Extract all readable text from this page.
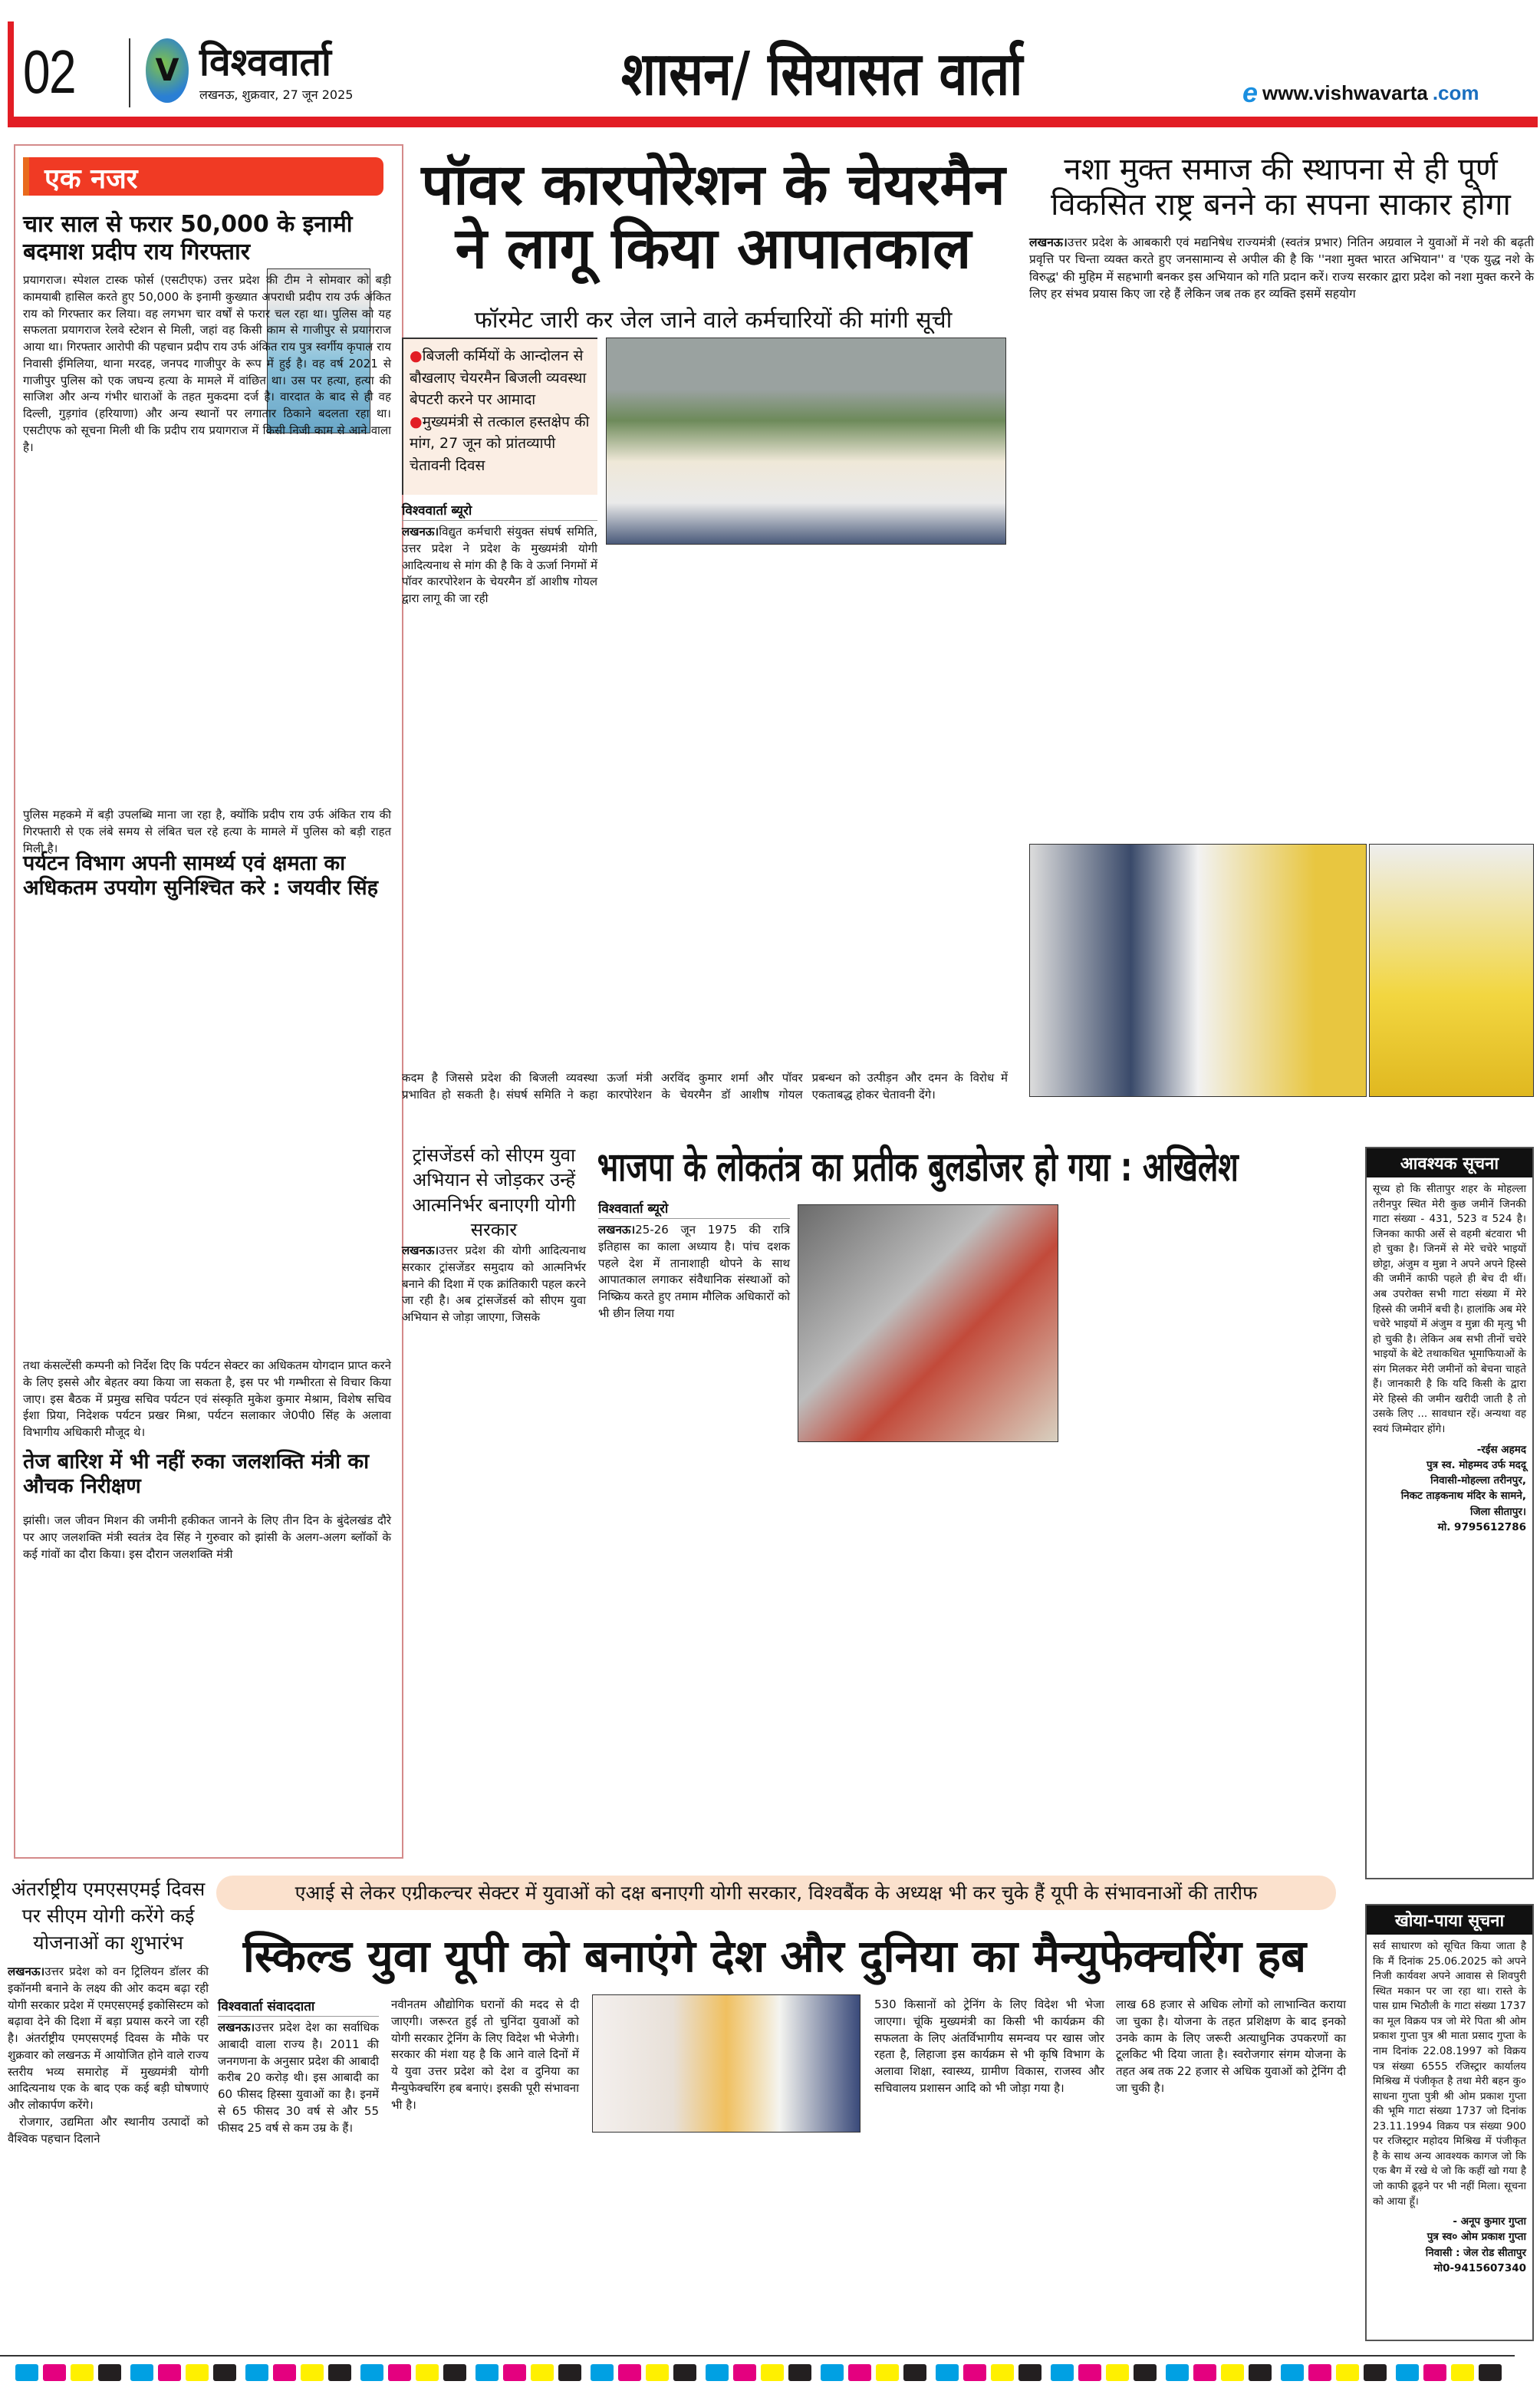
02	V विश्ववार्ता
लखनऊ, शुक्रवार, 27 जून 2025	शासन/ सियासत वार्ता	e www.vishwavarta .com
एक नजर
चार साल से फरार 50,000 के इनामी बदमाश प्रदीप राय गिरफ्तार
प्रयागराज। स्पेशल टास्क फोर्स (एसटीएफ) उत्तर प्रदेश की टीम ने सोमवार को बड़ी कामयाबी हासिल करते हुए 50,000 के इनामी कुख्यात अपराधी प्रदीप राय उर्फ अंकित राय को गिरफ्तार कर लिया। वह लगभग चार वर्षों से फरार चल रहा था। पुलिस को यह सफलता प्रयागराज रेलवे स्टेशन से मिली, जहां वह किसी काम से गाजीपुर से प्रयागराज आया था। गिरफ्तार आरोपी की पहचान प्रदीप राय उर्फ अंकित राय पुत्र स्वर्गीय कृपाल राय निवासी ईमिलिया, थाना मरदह, जनपद गाजीपुर के रूप में हुई है। वह वर्ष 2021 से गाजीपुर पुलिस को एक जघन्य हत्या के मामले में वांछित था। उस पर हत्या, हत्या की साजिश और अन्य गंभीर धाराओं के तहत मुकदमा दर्ज है। वारदात के बाद से ही वह दिल्ली, गुड़गांव (हरियाणा) और अन्य स्थानों पर लगातार ठिकाने बदलता रहा था। एसटीएफ को सूचना मिली थी कि प्रदीप राय प्रयागराज में किसी निजी काम से आने वाला है।
पुलिस महकमे में बड़ी उपलब्धि माना जा रहा है, क्योंकि प्रदीप राय उर्फ अंकित राय की गिरफ्तारी से एक लंबे समय से लंबित चल रहे हत्या के मामले में पुलिस को बड़ी राहत मिली है।
पर्यटन विभाग अपनी सामर्थ्य एवं क्षमता का अधिकतम उपयोग सुनिश्चित करे : जयवीर सिंह
तथा कंसल्टेंसी कम्पनी को निर्देश दिए कि पर्यटन सेक्टर का अधिकतम योगदान प्राप्त करने के लिए इससे और बेहतर क्या किया जा सकता है, इस पर भी गम्भीरता से विचार किया जाए। इस बैठक में प्रमुख सचिव पर्यटन एवं संस्कृति मुकेश कुमार मेश्राम, विशेष सचिव ईशा प्रिया, निदेशक पर्यटन प्रखर मिश्रा, पर्यटन सलाकार जे0पी0 सिंह के अलावा विभागीय अधिकारी मौजूद थे।
तेज बारिश में भी नहीं रुका जलशक्ति मंत्री का औचक निरीक्षण
झांसी। जल जीवन मिशन की जमीनी हकीकत जानने के लिए तीन दिन के बुंदेलखंड दौरे पर आए जलशक्ति मंत्री स्वतंत्र देव सिंह ने गुरुवार को झांसी के अलग-अलग ब्लॉकों के कई गांवों का दौरा किया। इस दौरान जलशक्ति मंत्री
पॉवर कारपोरेशन के चेयरमैन ने लागू किया आपातकाल
फॉरमेट जारी कर जेल जाने वाले कर्मचारियों की मांगी सूची
●बिजली कर्मियों के आन्दोलन से बौखलाए चेयरमैन बिजली व्यवस्था बेपटरी करने पर आमादा
●मुख्यमंत्री से तत्काल हस्तक्षेप की मांग, 27 जून को प्रांतव्यापी चेतावनी दिवस
विश्ववार्ता ब्यूरो
लखनऊ।विद्युत कर्मचारी संयुक्त संघर्ष समिति, उत्तर प्रदेश ने प्रदेश के मुख्यमंत्री योगी आदित्यनाथ से मांग की है कि वे ऊर्जा निगमों में पॉवर कारपोरेशन के चेयरमैन डॉ आशीष गोयल द्वारा लागू की जा रही
कदम है जिससे प्रदेश की बिजली व्यवस्था प्रभावित हो सकती है। संघर्ष समिति ने कहा ऊर्जा मंत्री अरविंद कुमार शर्मा और पॉवर कारपोरेशन के चेयरमैन डॉ आशीष गोयल प्रबन्धन को उत्पीड़न और दमन के विरोध में एकताबद्ध होकर चेतावनी देंगे।
नशा मुक्त समाज की स्थापना से ही पूर्ण विकसित राष्ट्र बनने का सपना साकार होगा
लखनऊ।उत्तर प्रदेश के आबकारी एवं मद्यनिषेध राज्यमंत्री (स्वतंत्र प्रभार) नितिन अग्रवाल ने युवाओं में नशे की बढ़ती प्रवृत्ति पर चिन्ता व्यक्त करते हुए जनसामान्य से अपील की है कि ''नशा मुक्त भारत अभियान'' व 'एक युद्ध नशे के विरुद्ध' की मुहिम में सहभागी बनकर इस अभियान को गति प्रदान करें। राज्य सरकार द्वारा प्रदेश को नशा मुक्त करने के लिए हर संभव प्रयास किए जा रहे हैं लेकिन जब तक हर व्यक्ति इसमें सहयोग
ट्रांसजेंडर्स को सीएम युवा अभियान से जोड़कर उन्हें आत्मनिर्भर बनाएगी योगी सरकार
लखनऊ।उत्तर प्रदेश की योगी आदित्यनाथ सरकार ट्रांसजेंडर समुदाय को आत्मनिर्भर बनाने की दिशा में एक क्रांतिकारी पहल करने जा रही है। अब ट्रांसजेंडर्स को सीएम युवा अभियान से जोड़ा जाएगा, जिसके
विश्ववार्ता ब्यूरो
लखनऊ।25-26 जून 1975 की रात्रि इतिहास का काला अध्याय है। पांच दशक पहले देश में तानाशाही थोपने के साथ आपातकाल लगाकर संवैधानिक संस्थाओं को निष्क्रिय करते हुए तमाम मौलिक अधिकारों को भी छीन लिया गया
भाजपा के लोकतंत्र का प्रतीक बुलडोजर हो गया : अखिलेश	आवश्यक सूचना
सूच्य हो कि सीतापुर शहर के मोहल्ला तरीनपुर स्थित मेरी कुछ जमीनें जिनकी गाटा संख्या - 431, 523 व 524 है। जिनका काफी अर्से से वहमी बंटवारा भी हो चुका है। जिनमें से मेरे चचेरे भाइयों छोट्टा, अंजुम व मुन्ना ने अपने अपने हिस्से की जमीनें काफी पहले ही बेच दी थीं। अब उपरोक्त सभी गाटा संख्या में मेरे हिस्से की जमीनें बची है। हालांकि अब मेरे चचेरे भाइयों में अंजुम व मुन्ना की मृत्यु भी हो चुकी है। लेकिन अब सभी तीनों चचेरे भाइयों के बेटे तथाकथित भूमाफियाओं के संग मिलकर मेरी जमीनों को बेचना चाहते हैं। जानकारी है कि यदि किसी के द्वारा मेरे हिस्से की जमीन खरीदी जाती है तो उसके लिए ... सावधान रहें। अन्यथा वह स्वयं जिम्मेदार होंगे।
-रईस अहमद
पुत्र स्व. मोहम्मद उर्फ मददू
निवासी-मोहल्ला तरीनपुर,
निकट ताड़कनाथ मंदिर के सामने,
जिला सीतापुर।
मो. 9795612786
अंतर्राष्ट्रीय एमएसएमई दिवस पर सीएम योगी करेंगे कई योजनाओं का शुभारंभ
लखनऊ।उत्तर प्रदेश को वन ट्रिलियन डॉलर की इकॉनमी बनाने के लक्ष्य की ओर कदम बढ़ा रही योगी सरकार प्रदेश में एमएसएमई इकोसिस्टम को बढ़ावा देने की दिशा में बड़ा प्रयास करने जा रही है। अंतर्राष्ट्रीय एमएसएमई दिवस के मौके पर शुक्रवार को लखनऊ में आयोजित होने वाले राज्य स्तरीय भव्य समारोह में मुख्यमंत्री योगी आदित्यनाथ एक के बाद एक कई बड़ी घोषणाएं और लोकार्पण करेंगे।
 रोजगार, उद्यमिता और स्थानीय उत्पादों को वैश्विक पहचान दिलाने
एआई से लेकर एग्रीकल्चर सेक्टर में युवाओं को दक्ष बनाएगी योगी सरकार, विश्वबैंक के अध्यक्ष भी कर चुके हैं यूपी के संभावनाओं की तारीफ
स्किल्ड युवा यूपी को बनाएंगे देश और दुनिया का मैन्युफेक्चरिंग हब
विश्ववार्ता संवाददाता
लखनऊ।उत्तर प्रदेश देश का सर्वाधिक आबादी वाला राज्य है। 2011 की जनगणना के अनुसार प्रदेश की आबादी करीब 20 करोड़ थी। इस आबादी का 60 फीसद हिस्सा युवाओं का है। इनमें से 65 फीसद 30 वर्ष से और 55 फीसद 25 वर्ष से कम उम्र के हैं।
नवीनतम औद्योगिक घरानों की मदद से दी जाएगी। जरूरत हुई तो चुनिंदा युवाओं को योगी सरकार ट्रेनिंग के लिए विदेश भी भेजेगी। सरकार की मंशा यह है कि आने वाले दिनों में ये युवा उत्तर प्रदेश को देश व दुनिया का मैन्युफेक्चरिंग हब बनाएं। इसकी पूरी संभावना भी है।
530 किसानों को ट्रेनिंग के लिए विदेश भी भेजा जाएगा। चूंकि मुख्यमंत्री का किसी भी कार्यक्रम की सफलता के लिए अंतर्विभागीय समन्वय पर खास जोर रहता है, लिहाजा इस कार्यक्रम से भी कृषि विभाग के अलावा शिक्षा, स्वास्थ्य, ग्रामीण विकास, राजस्व और सचिवालय प्रशासन आदि को भी जोड़ा गया है।
लाख 68 हजार से अधिक लोगों को लाभान्वित कराया जा चुका है। योजना के तहत प्रशिक्षण के बाद इनको उनके काम के लिए जरूरी अत्याधुनिक उपकरणों का टूलकिट भी दिया जाता है। स्वरोजगार संगम योजना के तहत अब तक 22 हजार से अधिक युवाओं को ट्रेनिंग दी जा चुकी है।
खोया-पाया सूचना
सर्व साधारण को सूचित किया जाता है कि मैं दिनांक 25.06.2025 को अपने निजी कार्यवश अपने आवास से शिवपुरी स्थित मकान पर जा रहा था। रास्ते के पास ग्राम भिठौली के गाटा संख्या 1737 का मूल विक्रय पत्र जो मेरे पिता श्री ओम प्रकाश गुप्ता पुत्र श्री माता प्रसाद गुप्ता के नाम दिनांक 22.08.1997 को विक्रय पत्र संख्या 6555 रजिस्ट्रार कार्यालय मिश्रिख में पंजीकृत है तथा मेरी बहन कु० साधना गुप्ता पुत्री श्री ओम प्रकाश गुप्ता की भूमि गाटा संख्या 1737 जो दिनांक 23.11.1994 विक्रय पत्र संख्या 900 पर रजिस्ट्रार महोदय मिश्रिख में पंजीकृत है के साथ अन्य आवश्यक कागज जो कि एक बैग में रखे थे जो कि कहीं खो गया है जो काफी ढूढ़ने पर भी नहीं मिला। सूचना को आया हूँ।
- अनूप कुमार गुप्ता
पुत्र स्व० ओम प्रकाश गुप्ता
निवासी : जेल रोड सीतापुर
मो0-9415607340
